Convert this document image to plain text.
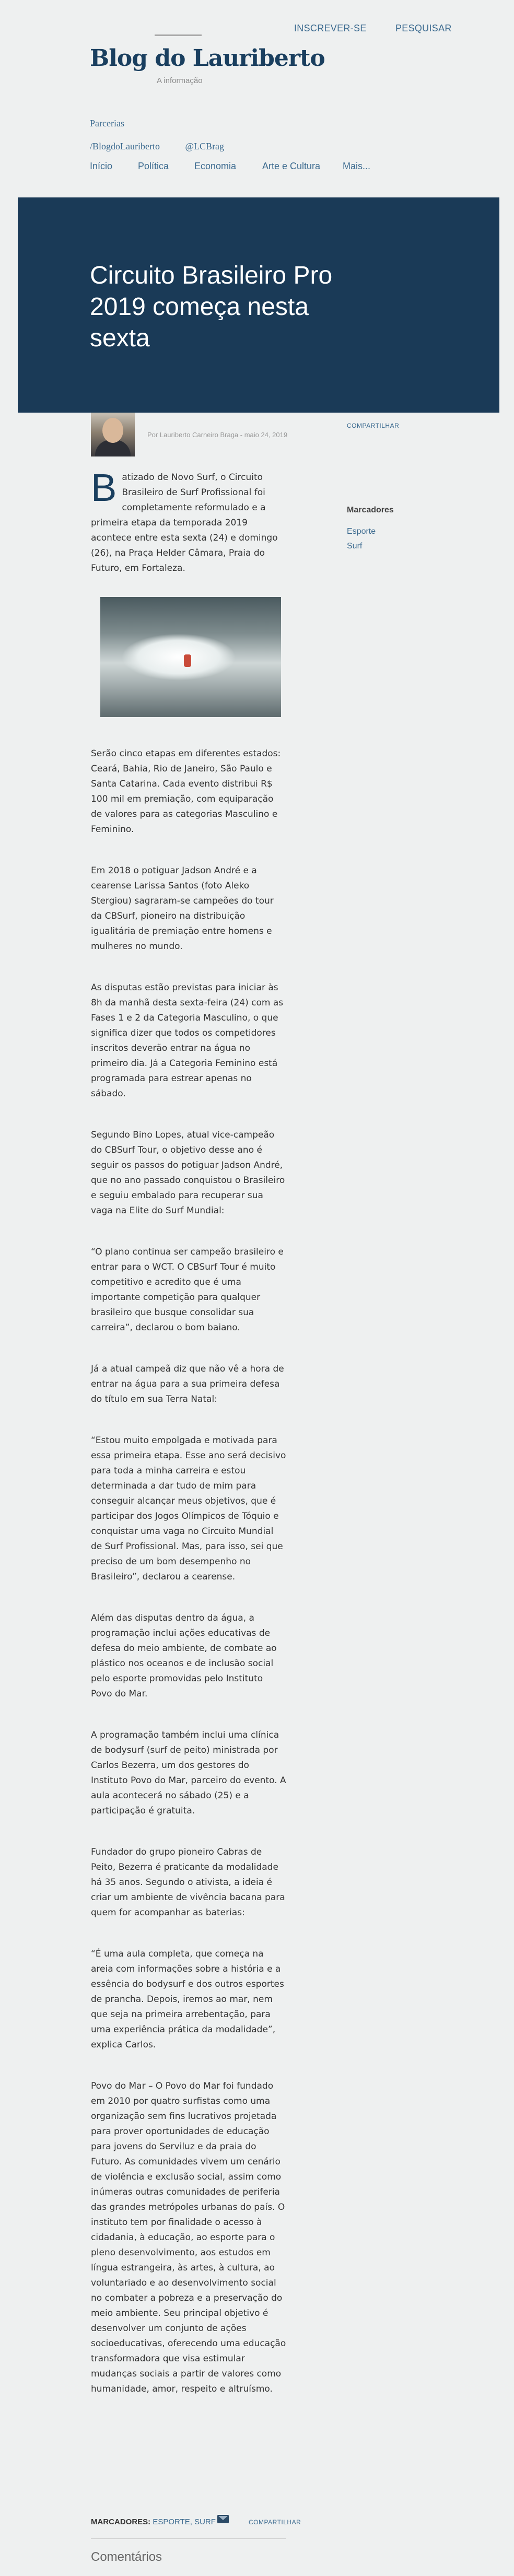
INSCREVER-SE	PESQUISAR
Blog do Lauriberto
A informação
Parcerias
/BlogdoLauriberto	@LCBrag
Início	Política	Economia	Arte e Cultura Mais...
Circuito Brasileiro Pro 2019 começa nesta sexta
Por Lauriberto Carneiro Braga - maio 24, 2019
COMPARTILHAR
Marcadores
Esporte
Surf

Batizado de Novo Surf, o Circuito Brasileiro de Surf Profissional foi completamente reformulado e a primeira etapa da temporada 2019 acontece entre esta sexta (24) e domingo (26), na Praça Helder Câmara, Praia do Futuro, em Fortaleza.

Serão cinco etapas em diferentes estados: Ceará, Bahia, Rio de Janeiro, São Paulo e Santa Catarina. Cada evento distribui R$ 100 mil em premiação, com equiparação de valores para as categorias Masculino e Feminino.

Em 2018 o potiguar Jadson André e a cearense Larissa Santos (foto Aleko Stergiou) sagraram-se campeões do tour da CBSurf, pioneiro na distribuição igualitária de premiação entre homens e mulheres no mundo.

As disputas estão previstas para iniciar às 8h da manhã desta sexta-feira (24) com as Fases 1 e 2 da Categoria Masculino, o que significa dizer que todos os competidores inscritos deverão entrar na água no primeiro dia. Já a Categoria Feminino está programada para estrear apenas no sábado.

Segundo Bino Lopes, atual vice-campeão do CBSurf Tour, o objetivo desse ano é seguir os passos do potiguar Jadson André, que no ano passado conquistou o Brasileiro e seguiu embalado para recuperar sua vaga na Elite do Surf Mundial:

“O plano continua ser campeão brasileiro e entrar para o WCT. O CBSurf Tour é muito competitivo e acredito que é uma importante competição para qualquer brasileiro que busque consolidar sua carreira”, declarou o bom baiano.

Já a atual campeã diz que não vê a hora de entrar na água para a sua primeira defesa do título em sua Terra Natal:

“Estou muito empolgada e motivada para essa primeira etapa. Esse ano será decisivo para toda a minha carreira e estou determinada a dar tudo de mim para conseguir alcançar meus objetivos, que é participar dos Jogos Olímpicos de Tóquio e conquistar uma vaga no Circuito Mundial de Surf Profissional. Mas, para isso, sei que preciso de um bom desempenho no Brasileiro”, declarou a cearense.

Além das disputas dentro da água, a programação inclui ações educativas de defesa do meio ambiente, de combate ao plástico nos oceanos e de inclusão social pelo esporte promovidas pelo Instituto Povo do Mar.

A programação também inclui uma clínica de bodysurf (surf de peito) ministrada por Carlos Bezerra, um dos gestores do Instituto Povo do Mar, parceiro do evento. A aula acontecerá no sábado (25) e a participação é gratuita.

Fundador do grupo pioneiro Cabras de Peito, Bezerra é praticante da modalidade há 35 anos. Segundo o ativista, a ideia é criar um ambiente de vivência bacana para quem for acompanhar as baterias:

“É uma aula completa, que começa na areia com informações sobre a história e a essência do bodysurf e dos outros esportes de prancha. Depois, iremos ao mar, nem que seja na primeira arrebentação, para uma experiência prática da modalidade”, explica Carlos.

Povo do Mar – O Povo do Mar foi fundado em 2010 por quatro surfistas como uma organização sem fins lucrativos projetada para prover oportunidades de educação para jovens do Serviluz e da praia do Futuro. As comunidades vivem um cenário de violência e exclusão social, assim como inúmeras outras comunidades de periferia das grandes metrópoles urbanas do país. O instituto tem por finalidade o acesso à cidadania, à educação, ao esporte para o pleno desenvolvimento, aos estudos em língua estrangeira, às artes, à cultura, ao voluntariado e ao desenvolvimento social no combater a pobreza e a preservação do meio ambiente. Seu principal objetivo é desenvolver um conjunto de ações socioeducativas, oferecendo uma educação transformadora que visa estimular mudanças sociais a partir de valores como humanidade, amor, respeito e altruísmo.

MARCADORES: ESPORTE, SURF	COMPARTILHAR
Comentários
